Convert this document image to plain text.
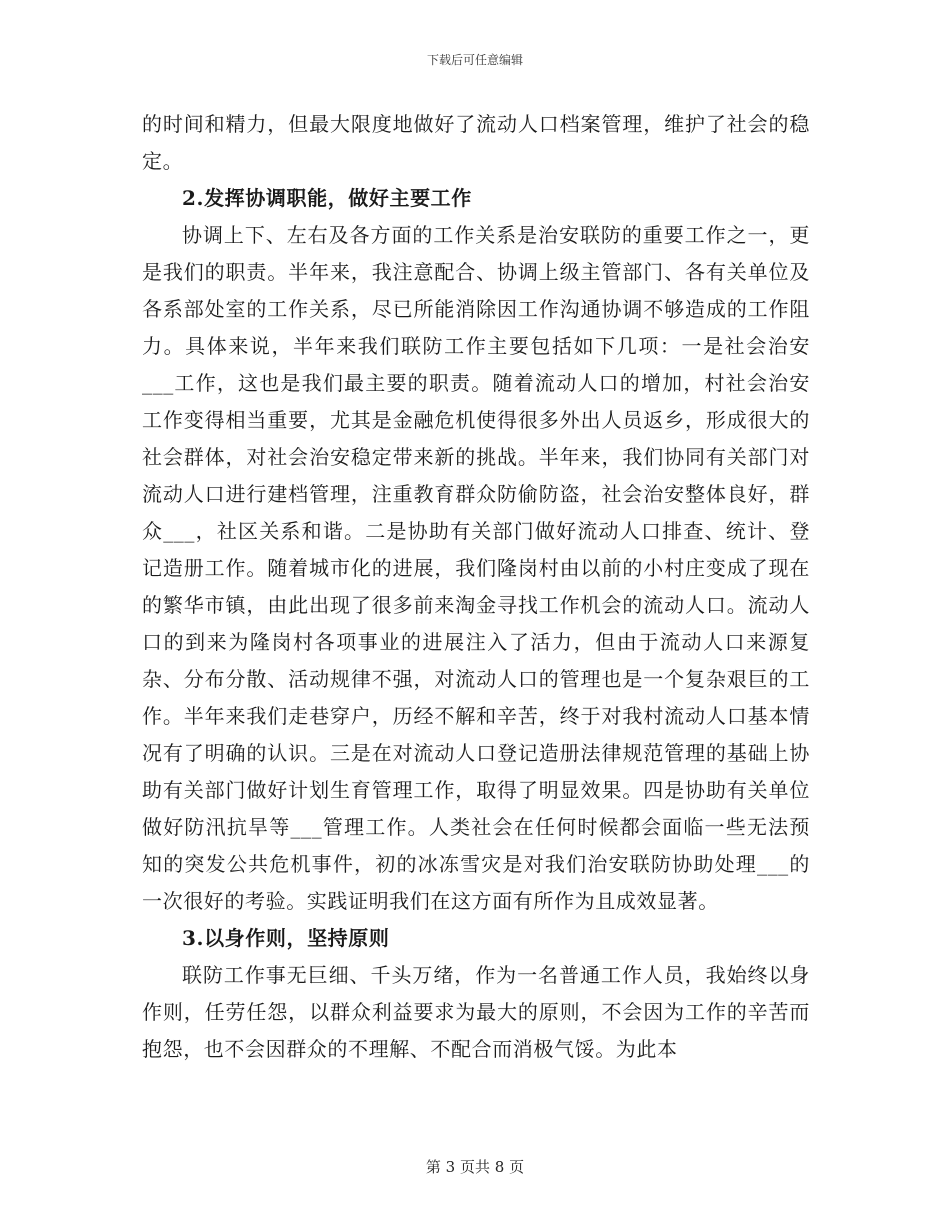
下载后可任意编辑

的时间和精力，但最大限度地做好了流动人口档案管理，维护了社会的稳定。

2.发挥协调职能，做好主要工作

协调上下、左右及各方面的工作关系是治安联防的重要工作之一，更是我们的职责。半年来，我注意配合、协调上级主管部门、各有关单位及各系部处室的工作关系，尽已所能消除因工作沟通协调不够造成的工作阻力。具体来说，半年来我们联防工作主要包括如下几项：一是社会治安___工作，这也是我们最主要的职责。随着流动人口的增加，村社会治安工作变得相当重要，尤其是金融危机使得很多外出人员返乡，形成很大的社会群体，对社会治安稳定带来新的挑战。半年来，我们协同有关部门对流动人口进行建档管理，注重教育群众防偷防盗，社会治安整体良好，群众___，社区关系和谐。二是协助有关部门做好流动人口排查、统计、登记造册工作。随着城市化的进展，我们隆岗村由以前的小村庄变成了现在的繁华市镇，由此出现了很多前来淘金寻找工作机会的流动人口。流动人口的到来为隆岗村各项事业的进展注入了活力，但由于流动人口来源复杂、分布分散、活动规律不强，对流动人口的管理也是一个复杂艰巨的工作。半年来我们走巷穿户，历经不解和辛苦，终于对我村流动人口基本情况有了明确的认识。三是在对流动人口登记造册法律规范管理的基础上协助有关部门做好计划生育管理工作，取得了明显效果。四是协助有关单位做好防汛抗旱等___管理工作。人类社会在任何时候都会面临一些无法预知的突发公共危机事件，初的冰冻雪灾是对我们治安联防协助处理___的一次很好的考验。实践证明我们在这方面有所作为且成效显著。

3.以身作则，坚持原则

联防工作事无巨细、千头万绪，作为一名普通工作人员，我始终以身作则，任劳任怨，以群众利益要求为最大的原则，不会因为工作的辛苦而抱怨，也不会因群众的不理解、不配合而消极气馁。为此本

第 3 页共 8 页
